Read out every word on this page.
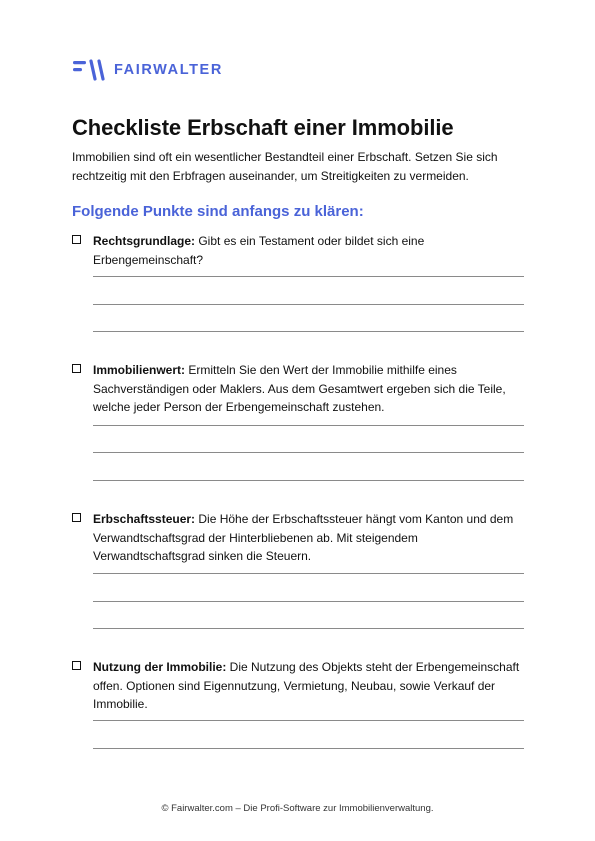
FAIRWALTER
Checkliste Erbschaft einer Immobilie

Immobilien sind oft ein wesentlicher Bestandteil einer Erbschaft. Setzen Sie sich rechtzeitig mit den Erbfragen auseinander, um Streitigkeiten zu vermeiden.

Folgende Punkte sind anfangs zu klären:

Rechtsgrundlage: Gibt es ein Testament oder bildet sich eine Erbengemeinschaft?

Immobilienwert: Ermitteln Sie den Wert der Immobilie mithilfe eines Sachverständigen oder Maklers. Aus dem Gesamtwert ergeben sich die Teile, welche jeder Person der Erbengemeinschaft zustehen.

Erbschaftssteuer: Die Höhe der Erbschaftssteuer hängt vom Kanton und dem Verwandtschaftsgrad der Hinterbliebenen ab. Mit steigendem Verwandtschaftsgrad sinken die Steuern.

Nutzung der Immobilie: Die Nutzung des Objekts steht der Erbengemeinschaft offen. Optionen sind Eigennutzung, Vermietung, Neubau, sowie Verkauf der Immobilie.

© Fairwalter.com – Die Profi-Software zur Immobilienverwaltung.
